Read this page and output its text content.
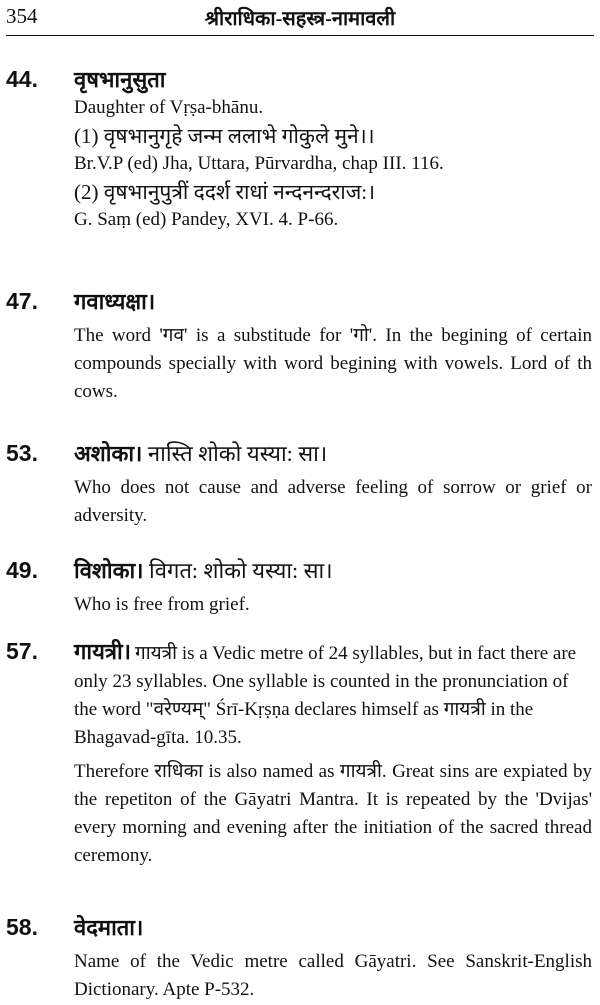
354	श्रीराधिका-सहस्त्र-नामावली
44. वृषभानुसुता
Daughter of Vṛṣa-bhānu.
(1) वृषभानुगृहे जन्म ललाभे गोकुले मुने।।
Br.V.P (ed) Jha, Uttara, Pūrvardha, chap III. 116.
(2) वृषभानुपुत्रीं ददर्श राधां नन्दनन्दराज:।
G. Saṃ (ed) Pandey, XVI. 4. P-66.
47. गवाध्यक्षा।
The word 'गव' is a substitude for 'गो'. In the begining of certain compounds specially with word begining with vowels. Lord of th cows.
53. अशोका। नास्ति शोको यस्या: सा।
Who does not cause and adverse feeling of sorrow or grief or adversity.
49. विशोका। विगत: शोको यस्या: सा।
Who is free from grief.
57. गायत्री। गायत्री is a Vedic metre of 24 syllables, but in fact there are only 23 syllables. One syllable is counted in the pronunciation of the word "वरेण्यम्" Śrī-Kṛṣṇa declares himself as गायत्री in the Bhagavad-gīta. 10.35.
Therefore राधिका is also named as गायत्री. Great sins are expiated by the repetiton of the Gāyatri Mantra. It is repeated by the 'Dvijas' every morning and evening after the initiation of the sacred thread ceremony.
58. वेदमाता।
Name of the Vedic metre called Gāyatri. See Sanskrit-English Dictionary. Apte P-532.
